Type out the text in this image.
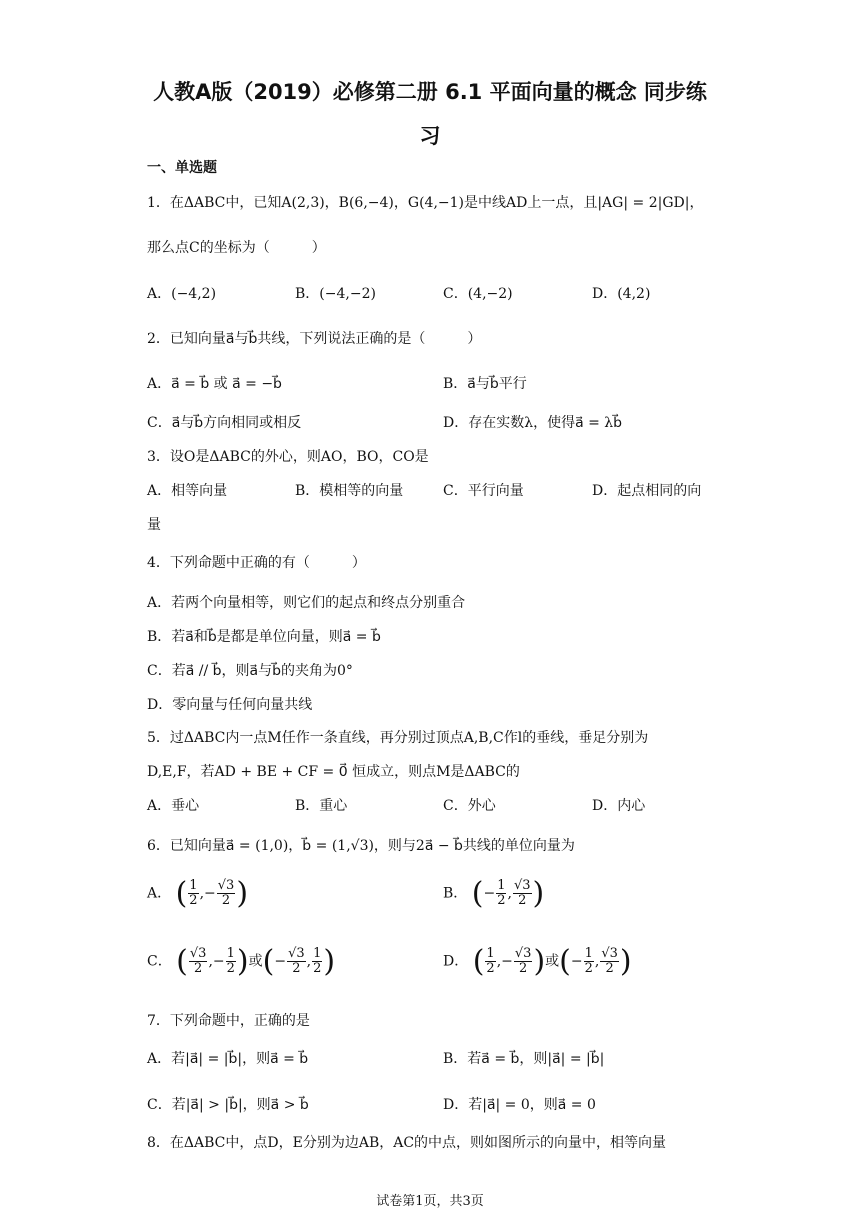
人教A版（2019）必修第二册 6.1 平面向量的概念 同步练
习
一、单选题
1．在ΔABC中，已知A(2,3)，B(6,−4)，G(4,−1)是中线AD上一点，且|AG| = 2|GD|，
那么点C的坐标为（　　　）
A．(−4,2)	B．(−4,−2)	C．(4,−2)	D．(4,2)
2．已知向量a⃗与b⃗共线，下列说法正确的是（　　　）
A．a⃗ = b⃗ 或 a⃗ = −b⃗	B．a⃗与b⃗平行
C．a⃗与b⃗方向相同或相反	D．存在实数λ，使得a⃗ = λb⃗
3．设O是ΔABC的外心，则AO，BO，CO是
A．相等向量	B．模相等的向量	C．平行向量	D．起点相同的向
量
4．下列命题中正确的有（　　　）
A．若两个向量相等，则它们的起点和终点分别重合
B．若a⃗和b⃗是都是单位向量，则a⃗ = b⃗
C．若a⃗ // b⃗，则a⃗与b⃗的夹角为0°
D．零向量与任何向量共线
5．过ΔABC内一点M任作一条直线，再分别过顶点A,B,C作l的垂线，垂足分别为
D,E,F，若AD + BE + CF = 0⃗ 恒成立，则点M是ΔABC的
A．垂心	B．重心	C．外心	D．内心
6．已知向量a⃗ = (1,0)，b⃗ = (1,√3)，则与2a⃗ − b⃗共线的单位向量为
A． ( $\frac{1}{2}$ ,− $\frac{√3}{2}$ )	B． (− $\frac{1}{2}$ , $\frac{√3}{2}$ )
C． ( $\frac{√3}{2}$ ,− $\frac{1}{2}$ )或(− $\frac{√3}{2}$ , $\frac{1}{2}$ )	D． ( $\frac{1}{2}$ ,− $\frac{√3}{2}$ )或(− $\frac{1}{2}$ , $\frac{√3}{2}$ )
7．下列命题中，正确的是
A．若|a⃗| = |b⃗|，则a⃗ = b⃗	B．若a⃗ = b⃗，则|a⃗| = |b⃗|
C．若|a⃗| > |b⃗|，则a⃗ > b⃗	D．若|a⃗| = 0，则a⃗ = 0
8．在ΔABC中，点D，E分别为边AB，AC的中点，则如图所示的向量中，相等向量
试卷第1页，共3页
